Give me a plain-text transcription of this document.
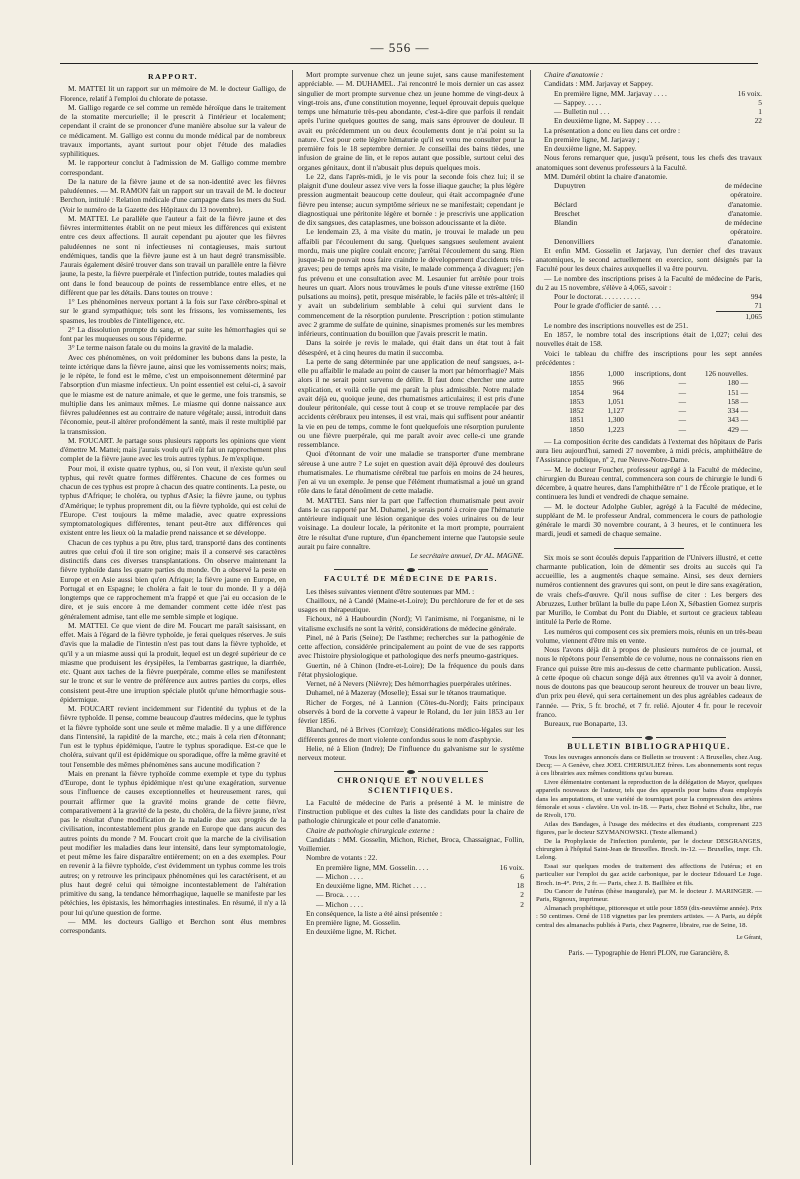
— 556 —
RAPPORT.

M. MATTEI lit un rapport sur un mémoire de M. le docteur Galligo, de Florence, relatif à l'emploi du chlorate de potasse.

M. Galligo regarde ce sel comme un remède héroïque dans le traitement de la stomatite mercurielle; il le prescrit à l'intérieur et localement; cependant il craint de se prononcer d'une manière absolue sur la valeur de ce médicament. M. Galligo est connu du monde médical par de nombreux travaux importants, ayant surtout pour objet l'étude des maladies syphilitiques.

M. le rapporteur conclut à l'admission de M. Galligo comme membre correspondant.

De la nature de la fièvre jaune et de sa non-identité avec les fièvres paludéennes. — M. RAMON fait un rapport sur un travail de M. le docteur Berchon, intitulé : Relation médicale d'une campagne dans les mers du Sud. (Voir le numéro de la Gazette des Hôpitaux du 13 novembre).

M. MATTEI. Le parallèle que l'auteur a fait de la fièvre jaune et des fièvres intermittentes établit on ne peut mieux les différences qui existent entre ces deux affections. Il aurait cependant pu ajouter que les fièvres paludéennes ne sont ni infectieuses ni contagieuses, mais surtout endémiques, tandis que la fièvre jaune est à un haut degré transmissible. J'aurais également désiré trouver dans son travail un parallèle entre la fièvre jaune, la peste, la fièvre puerpérale et l'infection putride, toutes maladies qui ont dans le fond beaucoup de points de ressemblance entre elles, et ne diffèrent que par les détails. Dans toutes on trouve :

1° Les phénomènes nerveux portant à la fois sur l'axe cérébro-spinal et sur le grand sympathique; tels sont les frissons, les vomissements, les spasmes, les troubles de l'intelligence, etc.

2° La dissolution prompte du sang, et par suite les hémorrhagies qui se font par les muqueuses ou sous l'épiderme.

3° Le terme naison fatale ou du moins la gravité de la maladie.

Avec ces phénomènes, on voit prédominer les bubons dans la peste, la teinte ictérique dans la fièvre jaune, ainsi que les vomissements noirs; mais, je le répète, le fond est le même, c'est un empoisonnement déterminé par l'absorption d'un miasme infectieux. Un point essentiel est celui-ci, à savoir que le miasme est de nature animale, et que le germe, une fois transmis, se multiplie dans les animaux mêmes. Le miasme qui donne naissance aux fièvres paludéennes est au contraire de nature végétale; aussi, introduit dans l'économie, peut-il altérer profondément la santé, mais il reste multiplié par la transmission.

M. FOUCART. Je partage sous plusieurs rapports les opinions que vient d'émettre M. Mattei; mais j'aurais voulu qu'il eût fait un rapprochement plus complet de la fièvre jaune avec les trois autres typhus. Je m'explique.

Pour moi, il existe quatre typhus, ou, si l'on veut, il n'existe qu'un seul typhus, qui revêt quatre formes différentes. Chacune de ces formes ou chacun de ces typhus est propre à chacun des quatre continents. La peste, ou typhus d'Afrique; le choléra, ou typhus d'Asie; la fièvre jaune, ou typhus d'Amérique; le typhus proprement dit, ou la fièvre typhoïde, qui est celui de l'Europe. C'est toujours la même maladie, avec quatre expressions symptomatologiques différentes, tenant peut-être aux différences qui existent entre les lieux où la maladie prend naissance et se développe.

Chacun de ces typhus a pu être, plus tard, transporté dans des continents autres que celui d'où il tire son origine; mais il a conservé ses caractères distinctifs dans ces diverses transplantations. On observe maintenant la fièvre typhoïde dans les quatre parties du monde. On a observé la peste en Europe et en Asie aussi bien qu'en Afrique; la fièvre jaune en Europe, en Portugal et en Espagne; le choléra a fait le tour du monde. Il y a déjà longtemps que ce rapprochement m'a frappé et que j'ai eu occasion de le dire, et je suis encore à me demander comment cette idée n'est pas généralement admise, tant elle me semble simple et logique.

M. MATTEI. Ce que vient de dire M. Foucart me paraît saisissant, en effet. Mais à l'égard de la fièvre typhoïde, je ferai quelques réserves. Je suis d'avis que la maladie de l'intestin n'est pas tout dans la fièvre typhoïde, et qu'il y a un miasme aussi qui la produit, lequel est un degré supérieur de ce miasme que produisent les érysipèles, la l'embarras gastrique, la diarrhée, etc. Quant aux taches de la fièvre puerpérale, comme elles se manifestent sur le tronc et sur le ventre de préférence aux autres parties du corps, elles consistent peut-être une irruption spéciale plutôt qu'une hémorrhagie sous-épidermique.

M. FOUCART revient incidemment sur l'identité du typhus et de la fièvre typhoïde. Il pense, comme beaucoup d'autres médecins, que le typhus et la fièvre typhoïde sont une seule et même maladie. Il y a une différence dans l'intensité, la rapidité de la marche, etc.; mais à cela rien d'étonnant; l'un est le typhus épidémique, l'autre le typhus sporadique. Est-ce que le choléra, suivant qu'il est épidémique ou sporadique, offre la même gravité et tout l'ensemble des mêmes phénomènes sans aucune modification ?

Mais en prenant la fièvre typhoïde comme exemple et type du typhus d'Europe, dont le typhus épidémique n'est qu'une exagération, survenue sous l'influence de causes exceptionnelles et heureusement rares, qui pourrait affirmer que la gravité moins grande de cette fièvre, comparativement à la gravité de la peste, du choléra, de la fièvre jaune, n'est pas le résultat d'une modification de la maladie due aux progrès de la civilisation, incontestablement plus grande en Europe que dans aucun des autres points du monde ? M. Foucart croit que la marche de la civilisation peut modifier les maladies dans leur intensité, dans leur symptomatologie, et peut même les faire disparaître entièrement; on en a des exemples. Pour en revenir à la fièvre typhoïde, c'est évidemment un typhus comme les trois autres; on y retrouve les principaux phénomènes qui les caractérisent, et au plus haut degré celui qui témoigne incontestablement de l'altération primitive du sang, la tendance hémorrhagique, laquelle se manifeste par les pétéchies, les épistaxis, les hémorrhagies intestinales. En résumé, il n'y a là pour lui qu'une question de forme.

— MM. les docteurs Galligo et Berchon sont élus membres correspondants.

Mort prompte survenue chez un jeune sujet, sans cause manifestement appréciable. — M. DUHAMEL. J'ai rencontré le mois dernier un cas assez singulier de mort prompte survenue chez un jeune homme de vingt-deux à vingt-trois ans, d'une constitution moyenne, lequel éprouvait depuis quelque temps une hématurie très-peu abondante, c'est-à-dire que parfois il rendait après l'urine quelques gouttes de sang, mais sans éprouver de douleur. Il avait eu précédemment un ou deux écoulements dont je n'ai point su la nature. C'est pour cette légère hématurie qu'il est venu me consulter pour la première fois le 18 septembre dernier. Je conseillai des bains tièdes, une infusion de graine de lin, et le repos autant que possible, surtout celui des organes génitaux, dont il n'abusait plus depuis quelques mois.

Le 22, dans l'après-midi, je le vis pour la seconde fois chez lui; il se plaignit d'une douleur assez vive vers la fosse iliaque gauche; la plus légère pression augmentait beaucoup cette douleur, qui était accompagnée d'une fièvre peu intense; aucun symptôme sérieux ne se manifestait; cependant je diagnostiquai une péritonite légère et bornée : je prescrivis une application de dix sangsues, des cataplasmes, une boisson adoucissante et la diète.

Le lendemain 23, à ma visite du matin, je trouvai le malade un peu affaibli par l'écoulement du sang. Quelques sangsues seulement avaient mordu, mais une piqûre coulait encore; j'arrêtai l'écoulement du sang. Rien jusque-là ne pouvait nous faire craindre le développement d'accidents très-graves; peu de temps après ma visite, le malade commença à divaguer; j'en fus prévenu et une consultation avec M. Lesaunier fut arrêtée pour trois heures un quart. Alors nous trouvâmes le pouls d'une vitesse extrême (160 pulsations au moins), petit, presque misérable, le faciès pâle et très-altéré; il y avait un subdelirium semblable à celui qui survient dans le commencement de la résorption purulente. Prescription : potion stimulante avec 2 gramme de sulfate de quinine, sinapismes promenés sur les membres inférieurs, continuation du bouillon que j'avais prescrit le matin.

Dans la soirée je revis le malade, qui était dans un état tout à fait désespéré, et à cinq heures du matin il succomba.

La perte de sang déterminée par une application de neuf sangsues, a-t-elle pu affaiblir le malade au point de causer la mort par hémorrhagie? Mais alors il ne serait point survenu de délire. Il faut donc chercher une autre explication, et voilà celle qui me paraît la plus admissible. Notre malade avait déjà eu, quoique jeune, des rhumatismes articulaires; il est pris d'une douleur péritonéale, qui cesse tout à coup et se trouve remplacée par des accidents cérébraux peu intenses, il est vrai, mais qui suffisent pour anéantir la vie en peu de temps, comme le font quelquefois une résorption purulente ou une fièvre puerpérale, qui me paraît avoir avec celle-ci une grande ressemblance.

Quoi d'étonnant de voir une maladie se transporter d'une membrane séreuse à une autre ? Le sujet en question avait déjà éprouvé des douleurs rhumatismales. Le rhumatisme cérébral tue parfois en moins de 24 heures, j'en ai vu un exemple. Je pense que l'élément rhumatismal a joué un grand rôle dans le fatal dénoûment de cette maladie.

M. MATTEI. Sans nier la part que l'affection rhumatismale peut avoir dans le cas rapporté par M. Duhamel, je serais porté à croire que l'hématurie antérieure indiquait une lésion organique des voies urinaires ou de leur voisinage. La douleur locale, la péritonite et la mort prompte, pourraient être le résultat d'une rupture, d'un épanchement interne que l'autopsie seule aurait pu faire connaître.

Le secrétaire annuel, Dr AL. MAGNE.

FACULTÉ DE MÉDECINE DE PARIS.

Les thèses suivantes viennent d'être soutenues par MM. :

Chailloux, né à Candé (Maine-et-Loire); Du perchlorure de fer et de ses usages en thérapeutique.

Fichoux, né à Haubourdin (Nord); Vi l'animisme, ni l'organisme, ni le vitalisme exclusifs ne sont la vérité, considérations de médecine générale.

Pinel, né à Paris (Seine); De l'asthme; recherches sur la pathogénie de cette affection, considérée principalement au point de vue de ses rapports avec l'histoire physiologique et pathologique des nerfs pneumo-gastriques.

Guertin, né à Chinon (Indre-et-Loire); De la fréquence du pouls dans l'état physiologique.

Vernet, né à Nevers (Nièvre); Des hémorrhagies puerpérales utérines.

Duhamel, né à Mazeray (Moselle); Essai sur le tétanos traumatique.

Richer de Forges, né à Lannion (Côtes-du-Nord); Faits principaux observés à bord de la corvette à vapeur le Roland, du 1er juin 1853 au 1er février 1856.

Blanchard, né à Brives (Corrèze); Considérations médico-légales sur les différents genres de mort violente confondus sous le nom d'asphyxie.

Helie, né à Elion (Indre); De l'influence du galvanisme sur le système nerveux moteur.

CHRONIQUE ET NOUVELLES SCIENTIFIQUES.

La Faculté de médecine de Paris a présenté à M. le ministre de l'instruction publique et des cultes la liste des candidats pour la chaire de pathologie chirurgicale et pour celle d'anatomie.

Chaire de pathologie chirurgicale externe :

Candidats : MM. Gosselin, Michon, Richet, Broca, Chassaignac, Follin, Voillemier.

Nombre de votants : 22.

En première ligne, MM. Gosselin. . . .	16 voix.
— Michon . . . .	6
En deuxième ligne, MM. Richet . . . .	18
— Broca. . . . .	2
— Michon . . . .	2

En conséquence, la liste a été ainsi présentée :

En première ligne, M. Gosselin.

En deuxième ligne, M. Richet.

Chaire d'anatomie :

Candidats : MM. Jarjavay et Sappey.

En première ligne, MM. Jarjavay . . . .	16 voix.
— Sappey. . . . .	5
— Bulletin nul . . .	1
En deuxième ligne, M. Sappey . . . .	22

La présentation a donc eu lieu dans cet ordre :

En première ligne, M. Jarjavay ;

En deuxième ligne, M. Sappey.

Nous ferons remarquer que, jusqu'à présent, tous les chefs des travaux anatomiques sont devenus professeurs à la Faculté.

MM. Duméril obtint la chaire d'anatomie.

Dupuytren	de médecine opératoire.
Béclard	d'anatomie.
Breschet	d'anatomie.
Blandin	de médecine opératoire.
Denonvilliers	d'anatomie.

Et enfin MM. Gosselin et Jarjavay, l'un dernier chef des travaux anatomiques, le second actuellement en exercice, sont désignés par la Faculté pour les deux chaires auxquelles il va être pourvu.

— Le nombre des inscriptions prises à la Faculté de médecine de Paris, du 2 au 15 novembre, s'élève à 4,065, savoir :

Pour le doctorat. . . . . . . . . . .	994
Pour le grade d'officier de santé. . . .	71
1,065

Le nombre des inscriptions nouvelles est de 251.

En 1857, le nombre total des inscriptions était de 1,027; celui des nouvelles était de 158.

Voici le tableau du chiffre des inscriptions pour les sept années précédentes :

1856	1,000	inscriptions, dont	126 nouvelles.
1855	966	—	180 —
1854	964	—	151 —
1853	1,051	—	158 —
1852	1,127	—	334 —
1851	1,300	—	343 —
1850	1,223	—	429 —

— La composition écrite des candidats à l'externat des hôpitaux de Paris aura lieu aujourd'hui, samedi 27 novembre, à midi précis, amphithéâtre de l'Assistance publique, nº 2, rue Neuve-Notre-Dame.

— M. le docteur Foucher, professeur agrégé à la Faculté de médecine, chirurgien du Bureau central, commencera son cours de chirurgie le lundi 6 décembre, à quatre heures, dans l'amphithéâtre nº 1 de l'École pratique, et le continuera les lundi et vendredi de chaque semaine.

— M. le docteur Adolphe Gubler, agrégé à la Faculté de médecine, suppléant de M. le professeur Andral, commencera le cours de pathologie générale le mardi 30 novembre courant, à 3 heures, et le continuera les mardi, jeudi et samedi de chaque semaine.

Six mois se sont écoulés depuis l'apparition de l'Univers illustré, et cette charmante publication, loin de démentir ses droits au succès qui l'a accueillie, les a augmentés chaque semaine. Ainsi, ses deux derniers numéros contiennent des gravures qui sont, on peut le dire sans exagération, de vrais chefs-d'œuvre. Qu'il nous suffise de citer : Les bergers des Abruzzes, Luther brûlant la bulle du pape Léon X, Sébastien Gomez surpris par Murillo, le Combat du Pont du Diable, et surtout ce gracieux tableau intitulé la Perle de Rome.

Les numéros qui composent ces six premiers mois, réunis en un très-beau volume, viennent d'être mis en vente.

Nous l'avons déjà dit à propos de plusieurs numéros de ce journal, et nous le répétons pour l'ensemble de ce volume, nous ne connaissons rien en France qui puisse être mis au-dessus de cette charmante publication. Aussi, à cette époque où chacun songe déjà aux étrennes qu'il va avoir à donner, nous de doutons pas que beaucoup seront heureux de trouver un beau livre, d'un prix peu élevé, qui sera certainement un des plus agréables cadeaux de l'année. — Prix, 5 fr. broché, et 7 fr. relié. Ajouter 4 fr. pour le recevoir franco.

Bureaux, rue Bonaparte, 13.

BULLETIN BIBLIOGRAPHIQUE.

Tous les ouvrages annoncés dans ce Bulletin se trouvent : A Bruxelles, chez Aug. Decq; — A Genève, chez JOEL CHERBULIEZ frères. Les abonnements sont reçus à ces librairies aux mêmes conditions qu'au bureau.

Livre élémentaire contenant la reproduction de la délégation de Mayor, quelques appareils nouveaux de l'auteur, tels que des appareils pour bains d'eau employés dans les amputations, et une variété de tourniquet pour la compression des artères fémorale et sous - clavière. Un vol. in-18. — Paris, chez Bohné et Schultz, libr., rue de Rivoli, 170.

Atlas des Bandages, à l'usage des médecins et des étudiants, comprenant 223 figures, par le docteur SZYMANOWSKI. (Texte allemand.)

De la Prophylaxie de l'infection purulente, par le docteur DESGRANGES, chirurgien à l'hôpital Saint-Jean de Bruxelles. Broch. in-12. — Bruxelles, impr. Ch. Lelong.

Essai sur quelques modes de traitement des affections de l'utérus; et en particulier sur l'emploi du gaz acide carbonique, par le docteur Edouard Le Juge. Broch. in-4°. Prix, 2 fr. — Paris, chez J. B. Baillière et fils.

Du Cancer de l'utérus (thèse inaugurale), par M. le docteur J. MARINGER. — Paris, Rignoux, imprimeur.

Almanach prophétique, pittoresque et utile pour 1859 (dix-neuvième année). Prix : 50 centimes. Orné de 118 vignettes par les premiers artistes. — A Paris, au dépôt central des almanachs publiés à Paris, chez Pagnerre, libraire, rue de Seine, 18.

Le Gérant,
Paris. — Typographie de Henri PLON, rue Garancière, 8.
